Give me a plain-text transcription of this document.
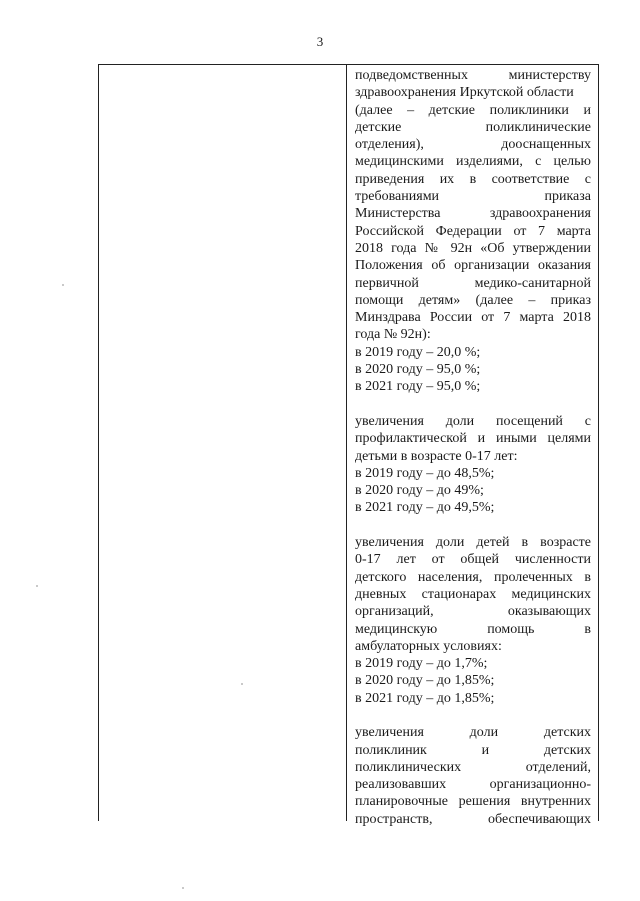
3
подведомственных министерству
здравоохранения Иркутской области
(далее – детские поликлиники и
детские поликлинические
отделения), дооснащенных
медицинскими изделиями, с целью
приведения их в соответствие с
требованиями приказа
Министерства здравоохранения
Российской Федерации от 7 марта
2018 года № 92н «Об утверждении
Положения об организации оказания
первичной медико-санитарной
помощи детям» (далее – приказ
Минздрава России от 7 марта 2018
года № 92н):
в 2019 году – 20,0 %;
в 2020 году – 95,0 %;
в 2021 году – 95,0 %;
увеличения доли посещений с
профилактической и иными целями
детьми в возрасте 0-17 лет:
в 2019 году – до 48,5%;
в 2020 году – до 49%;
в 2021 году – до 49,5%;
увеличения доли детей в возрасте
0-17 лет от общей численности
детского населения, пролеченных в
дневных стационарах медицинских
организаций, оказывающих
медицинскую помощь в
амбулаторных условиях:
в 2019 году – до 1,7%;
в 2020 году – до 1,85%;
в 2021 году – до 1,85%;
увеличения доли детских
поликлиник и детских
поликлинических отделений,
реализовавших организационно-
планировочные решения внутренних
пространств, обеспечивающих
